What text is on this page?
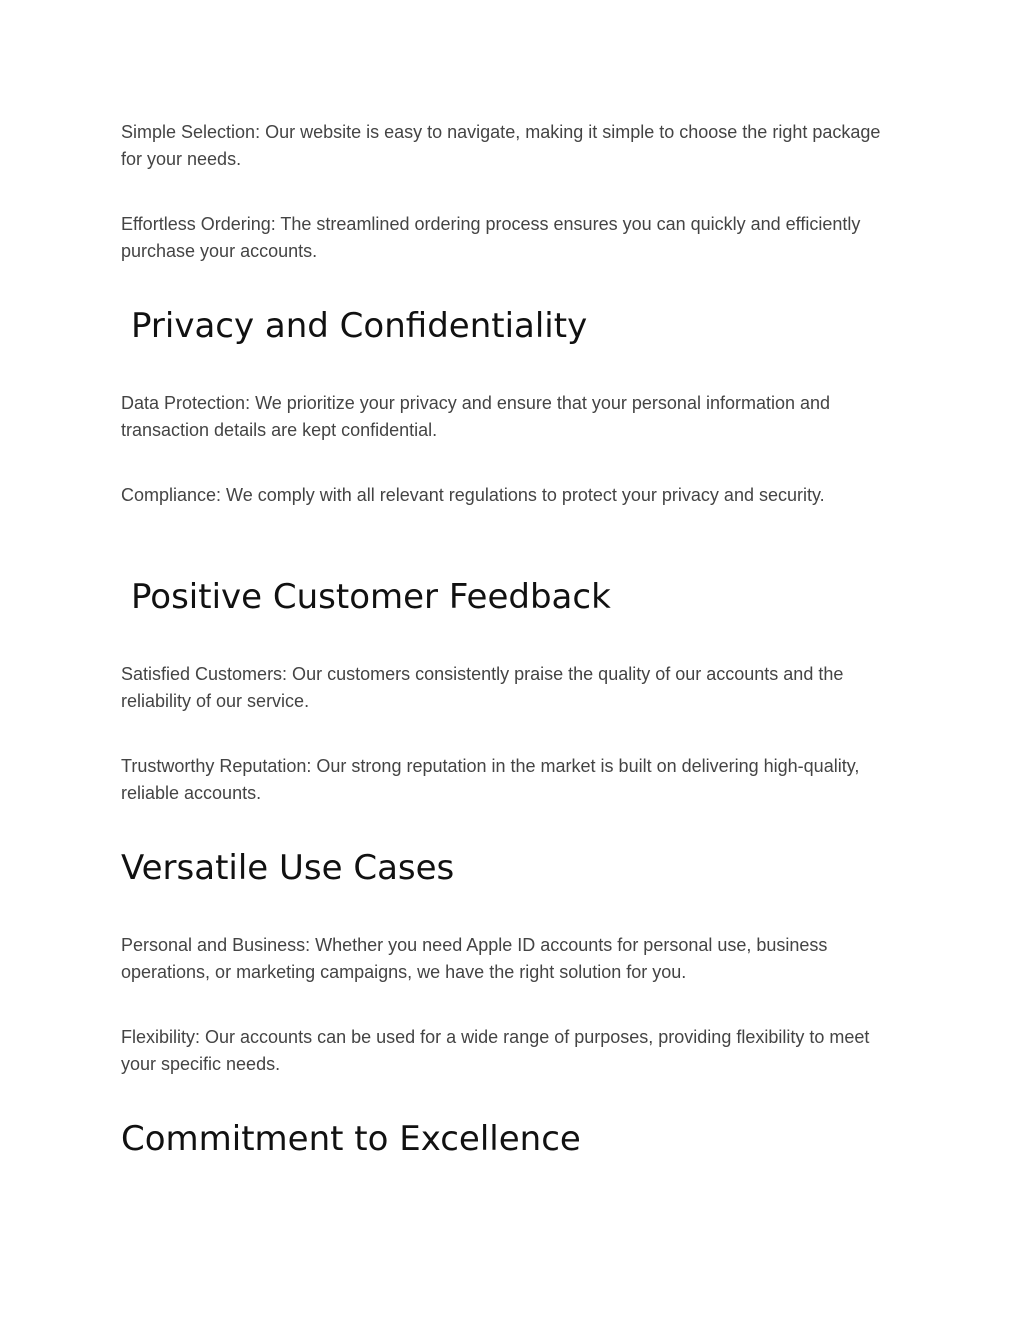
Simple Selection: Our website is easy to navigate, making it simple to choose the right package for your needs.

Effortless Ordering: The streamlined ordering process ensures you can quickly and efficiently purchase your accounts.

Privacy and Confidentiality

Data Protection: We prioritize your privacy and ensure that your personal information and transaction details are kept confidential.

Compliance: We comply with all relevant regulations to protect your privacy and security.

Positive Customer Feedback

Satisfied Customers: Our customers consistently praise the quality of our accounts and the reliability of our service.

Trustworthy Reputation: Our strong reputation in the market is built on delivering high-quality, reliable accounts.

Versatile Use Cases

Personal and Business: Whether you need Apple ID accounts for personal use, business operations, or marketing campaigns, we have the right solution for you.

Flexibility: Our accounts can be used for a wide range of purposes, providing flexibility to meet your specific needs.

Commitment to Excellence
